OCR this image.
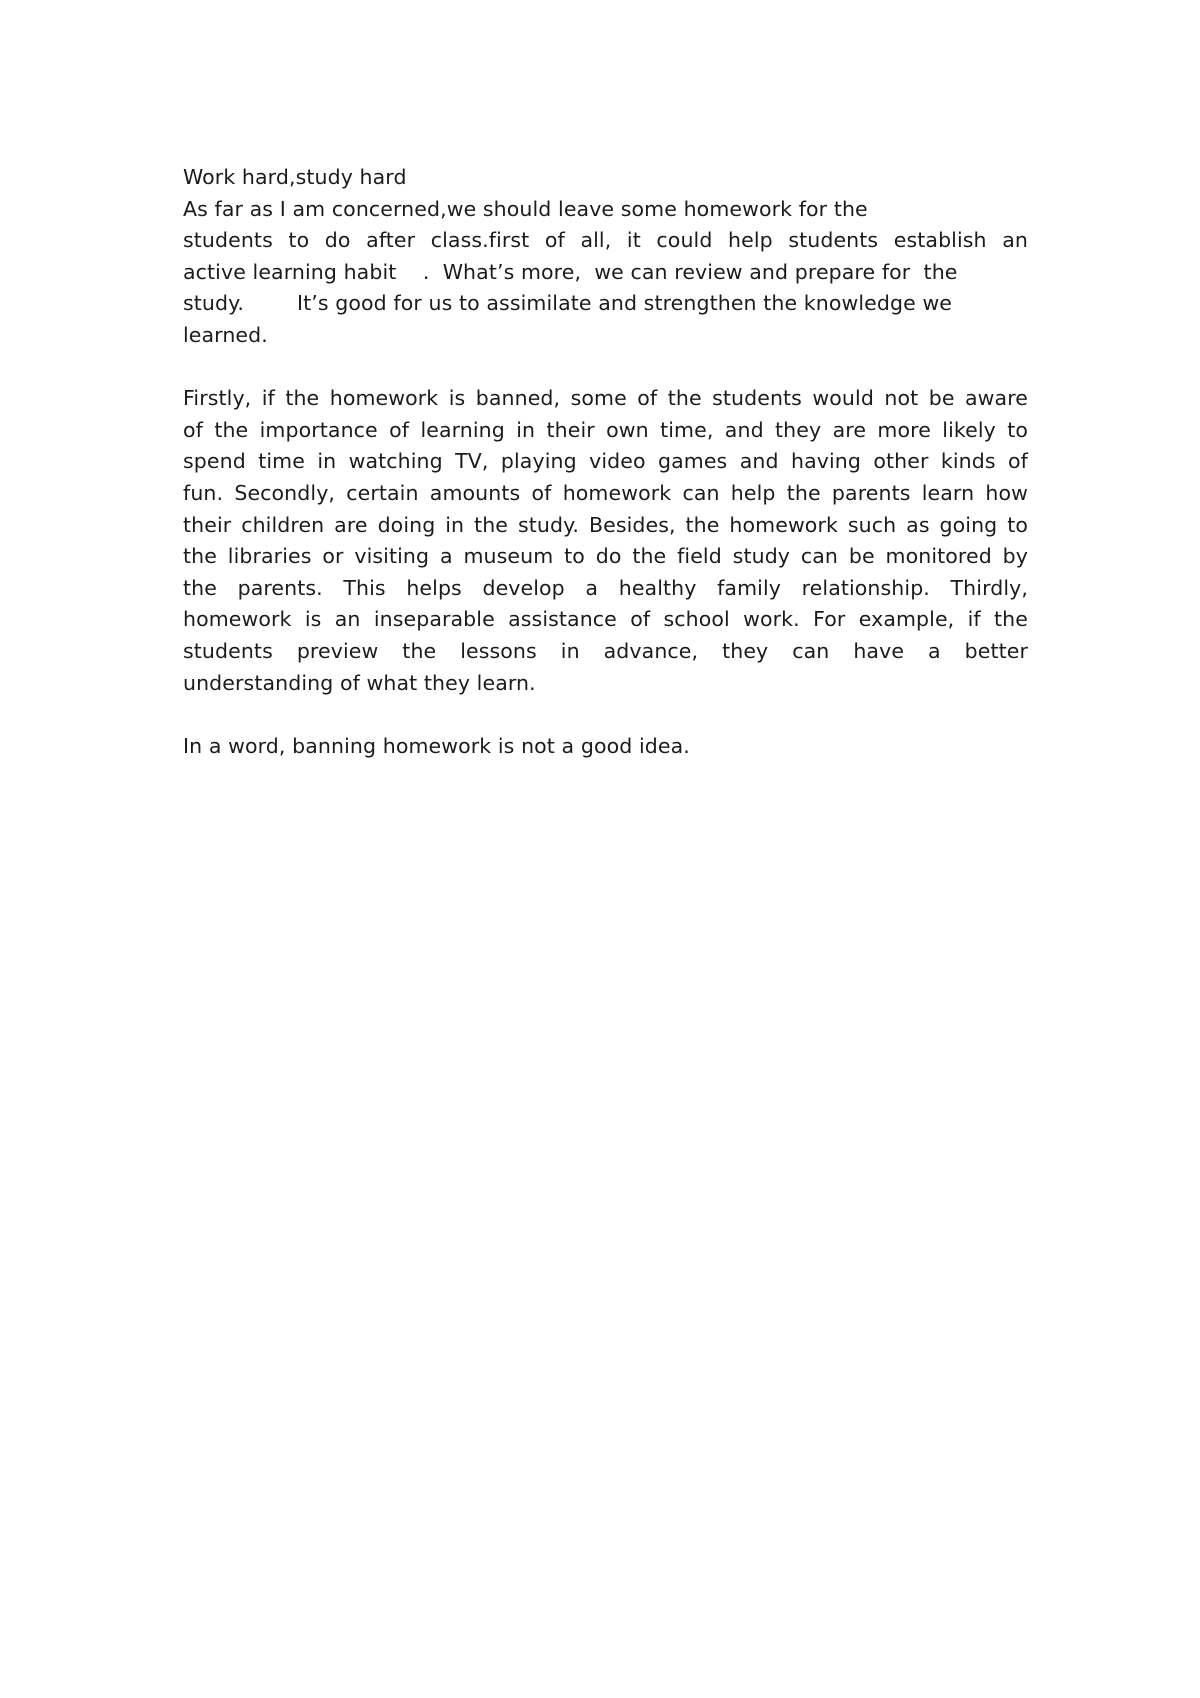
Work hard,study hard

As far as I am concerned,we should leave some homework for the
students to do after class.first of all, it could help students establish an
active learning habit    .  What’s more,  we can review and prepare for  the
study.        It’s good for us to assimilate and strengthen the knowledge we
learned.
Firstly, if the homework is banned, some of the students would not be aware
of the importance of learning in their own time, and they are more likely to
spend time in watching TV, playing video games and having other kinds of
fun. Secondly, certain amounts of homework can help the parents learn how
their children are doing in the study. Besides, the homework such as going to
the libraries or visiting a museum to do the field study can be monitored by
the parents. This helps develop a healthy family relationship. Thirdly,
homework is an inseparable assistance of school work. For example, if the
students preview the lessons in advance, they can have a better
understanding of what they learn.
In a word, banning homework is not a good idea.
